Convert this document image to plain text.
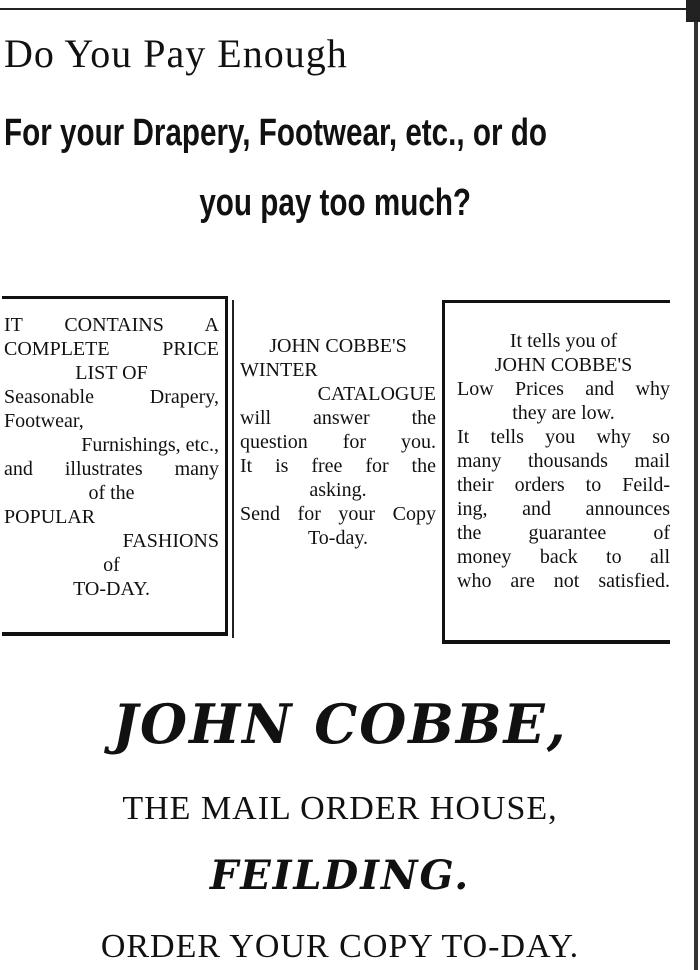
Do You Pay Enough
For your Drapery, Footwear, etc., or do
you pay too much?
IT CONTAINS A
COMPLETE PRICE
LIST OF
Seasonable Drapery,
Footwear,
Furnishings, etc.,
and illustrates many
of the
POPULAR
FASHIONS
of
TO-DAY.
JOHN COBBE'S
WINTER
CATALOGUE
will answer the
question for you.
It is free for the
asking.
Send for your Copy
To-day.
It tells you of
JOHN COBBE'S
Low Prices and why
they are low.
It tells you why so
many thousands mail
their orders to Feild-
ing, and announces
the guarantee of
money back to all
who are not satisfied.
JOHN COBBE,
THE MAIL ORDER HOUSE,
FEILDING.
ORDER YOUR COPY TO-DAY.
